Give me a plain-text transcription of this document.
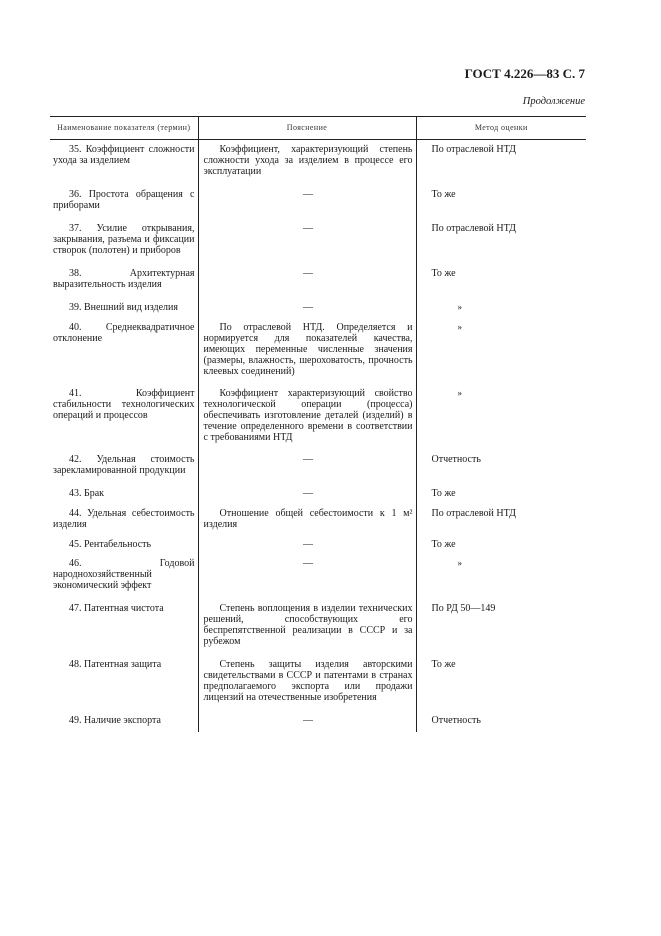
ГОСТ 4.226—83 С. 7
Продолжение
Наименование показателя (термин)	Пояснение	Метод оценки

35. Коэффициент сложности ухода за изделием	Коэффициент, характеризующий степень сложности ухода за изделием в процессе его эксплуатации	По отраслевой НТД

36. Простота обращения с приборами	—	То же

37. Усилие открывания, закрывания, разъема и фиксации створок (полотен) и приборов	—	По отраслевой НТД

38. Архитектурная выразительность изделия	—	То же

39. Внешний вид изделия	—	»

40. Среднеквадратичное отклонение	По отраслевой НТД. Определяется и нормируется для показателей качества, имеющих переменные численные значения (размеры, влажность, шероховатость, прочность клеевых соединений)	»

41. Коэффициент стабильности технологических операций и процессов	Коэффициент характеризующий свойство технологической операции (процесса) обеспечивать изготовление деталей (изделий) в течение определенного времени в соответствии с требованиями НТД	»

42. Удельная стоимость зарекламированной продукции	—	Отчетность

43. Брак	—	То же

44. Удельная себестоимость изделия	Отношение общей себестоимости к 1 м² изделия	По отраслевой НТД

45. Рентабельность	—	То же

46. Годовой народнохозяйственный экономический эффект	—	»

47. Патентная чистота	Степень воплощения в изделии технических решений, способствующих его беспрепятственной реализации в СССР и за рубежом	По РД 50—149

48. Патентная защита	Степень защиты изделия авторскими свидетельствами в СССР и патентами в странах предполагаемого экспорта или продажи лицензий на отечественные изобретения	То же

49. Наличие экспорта	—	Отчетность
